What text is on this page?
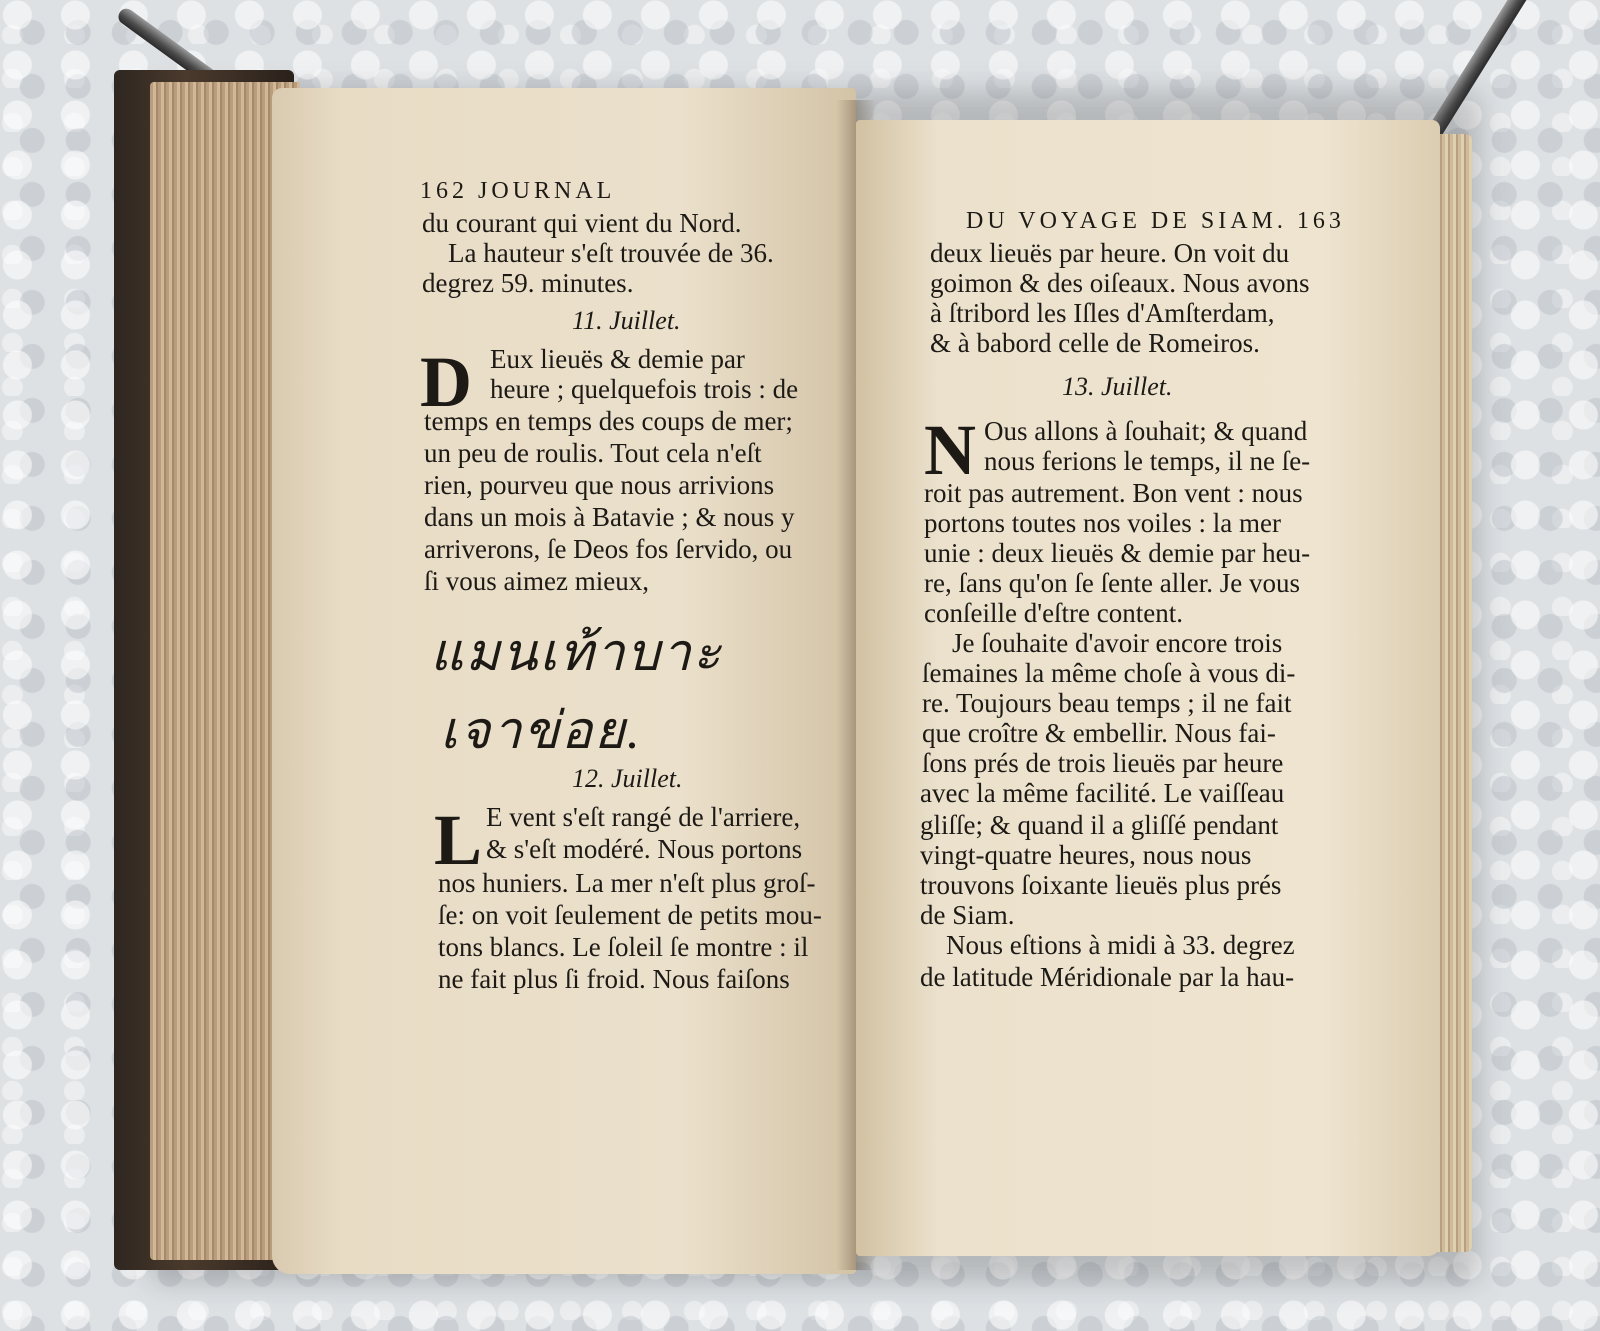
162 JOURNAL
du courant qui vient du Nord.
La hauteur s'eſt trouvée de 36.
degrez 59. minutes.
11. Juillet.
D Eux lieuës & demie par
heure ; quelquefois trois : de
temps en temps des coups de mer;
un peu de roulis. Tout cela n'eſt
rien, pourveu que nous arrivions
dans un mois à Batavie ; & nous y
arriverons, ſe Deos fos ſervido, ou
ſi vous aimez mieux,
แมนเท้าบาะ
เจาข่อย.
12. Juillet.
L E vent s'eſt rangé de l'arriere,
& s'eſt modéré. Nous portons
nos huniers. La mer n'eſt plus groſ-
ſe: on voit ſeulement de petits mou-
tons blancs. Le ſoleil ſe montre : il
ne fait plus ſi froid. Nous faiſons
DU VOYAGE DE SIAM. 163
deux lieuës par heure. On voit du
goimon & des oiſeaux. Nous avons
à ſtribord les Iſles d'Amſterdam,
& à babord celle de Romeiros.
13. Juillet.
N Ous allons à ſouhait; & quand
nous ferions le temps, il ne ſe-
roit pas autrement. Bon vent : nous
portons toutes nos voiles : la mer
unie : deux lieuës & demie par heu-
re, ſans qu'on ſe ſente aller. Je vous
conſeille d'eſtre content.
Je ſouhaite d'avoir encore trois
ſemaines la même choſe à vous di-
re. Toujours beau temps ; il ne fait
que croître & embellir. Nous fai-
ſons prés de trois lieuës par heure
avec la même facilité. Le vaiſſeau
gliſſe; & quand il a gliſſé pendant
vingt-quatre heures, nous nous
trouvons ſoixante lieuës plus prés
de Siam.
Nous eſtions à midi à 33. degrez
de latitude Méridionale par la hau-
